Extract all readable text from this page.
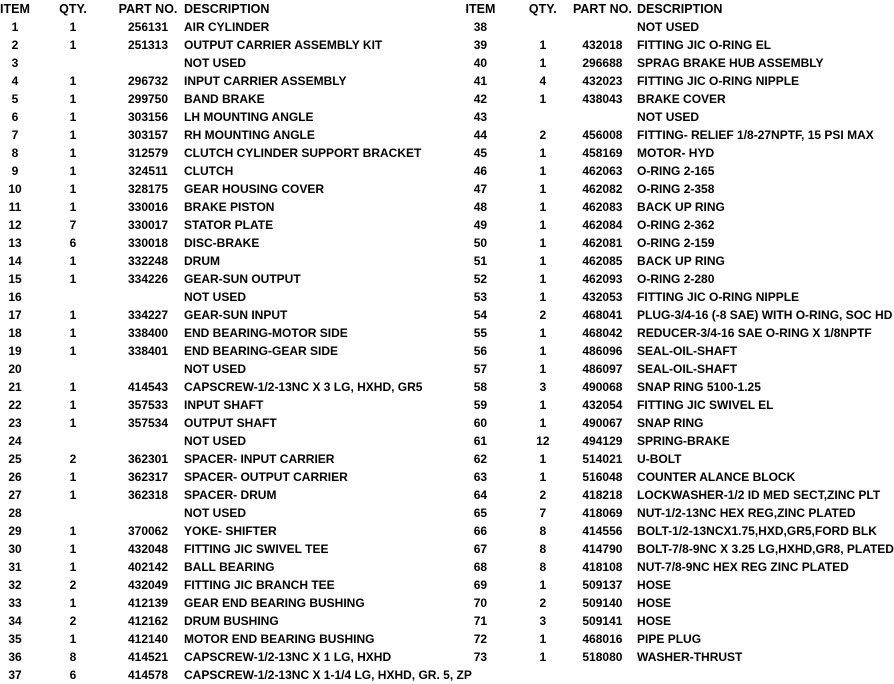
ITEM	QTY.	PART NO.	DESCRIPTION
1	1	256131	AIR CYLINDER
2	1	251313	OUTPUT CARRIER ASSEMBLY KIT
3			NOT USED
4	1	296732	INPUT CARRIER ASSEMBLY
5	1	299750	BAND BRAKE
6	1	303156	LH MOUNTING ANGLE
7	1	303157	RH MOUNTING ANGLE
8	1	312579	CLUTCH CYLINDER SUPPORT BRACKET
9	1	324511	CLUTCH
10	1	328175	GEAR HOUSING COVER
11	1	330016	BRAKE PISTON
12	7	330017	STATOR PLATE
13	6	330018	DISC-BRAKE
14	1	332248	DRUM
15	1	334226	GEAR-SUN OUTPUT
16			NOT USED
17	1	334227	GEAR-SUN INPUT
18	1	338400	END BEARING-MOTOR SIDE
19	1	338401	END BEARING-GEAR SIDE
20			NOT USED
21	1	414543	CAPSCREW-1/2-13NC X 3 LG, HXHD, GR5
22	1	357533	INPUT SHAFT
23	1	357534	OUTPUT SHAFT
24			NOT USED
25	2	362301	SPACER- INPUT CARRIER
26	1	362317	SPACER- OUTPUT CARRIER
27	1	362318	SPACER- DRUM
28			NOT USED
29	1	370062	YOKE- SHIFTER
30	1	432048	FITTING JIC SWIVEL TEE
31	1	402142	BALL BEARING
32	2	432049	FITTING JIC BRANCH TEE
33	1	412139	GEAR END BEARING BUSHING
34	2	412162	DRUM BUSHING
35	1	412140	MOTOR END BEARING BUSHING
36	8	414521	CAPSCREW-1/2-13NC X 1 LG, HXHD
37	6	414578	CAPSCREW-1/2-13NC X 1-1/4 LG, HXHD, GR. 5, ZP
ITEM	QTY.	PART NO.	DESCRIPTION
38			NOT USED
39	1	432018	FITTING JIC O-RING EL
40	1	296688	SPRAG BRAKE HUB ASSEMBLY
41	4	432023	FITTING JIC O-RING NIPPLE
42	1	438043	BRAKE COVER
43			NOT USED
44	2	456008	FITTING- RELIEF 1/8-27NPTF, 15 PSI MAX
45	1	458169	MOTOR- HYD
46	1	462063	O-RING 2-165
47	1	462082	O-RING 2-358
48	1	462083	BACK UP RING
49	1	462084	O-RING 2-362
50	1	462081	O-RING 2-159
51	1	462085	BACK UP RING
52	1	462093	O-RING 2-280
53	1	432053	FITTING JIC O-RING NIPPLE
54	2	468041	PLUG-3/4-16 (-8 SAE) WITH O-RING, SOC HD
55	1	468042	REDUCER-3/4-16 SAE O-RING X 1/8NPTF
56	1	486096	SEAL-OIL-SHAFT
57	1	486097	SEAL-OIL-SHAFT
58	3	490068	SNAP RING 5100-1.25
59	1	432054	FITTING JIC SWIVEL EL
60	1	490067	SNAP RING
61	12	494129	SPRING-BRAKE
62	1	514021	U-BOLT
63	1	516048	COUNTER ALANCE BLOCK
64	2	418218	LOCKWASHER-1/2 ID MED SECT,ZINC PLT
65	7	418069	NUT-1/2-13NC HEX REG,ZINC PLATED
66	8	414556	BOLT-1/2-13NCX1.75,HXD,GR5,FORD BLK
67	8	414790	BOLT-7/8-9NC X 3.25 LG,HXHD,GR8, PLATED
68	8	418108	NUT-7/8-9NC HEX REG ZINC PLATED
69	1	509137	HOSE
70	2	509140	HOSE
71	3	509141	HOSE
72	1	468016	PIPE PLUG
73	1	518080	WASHER-THRUST
